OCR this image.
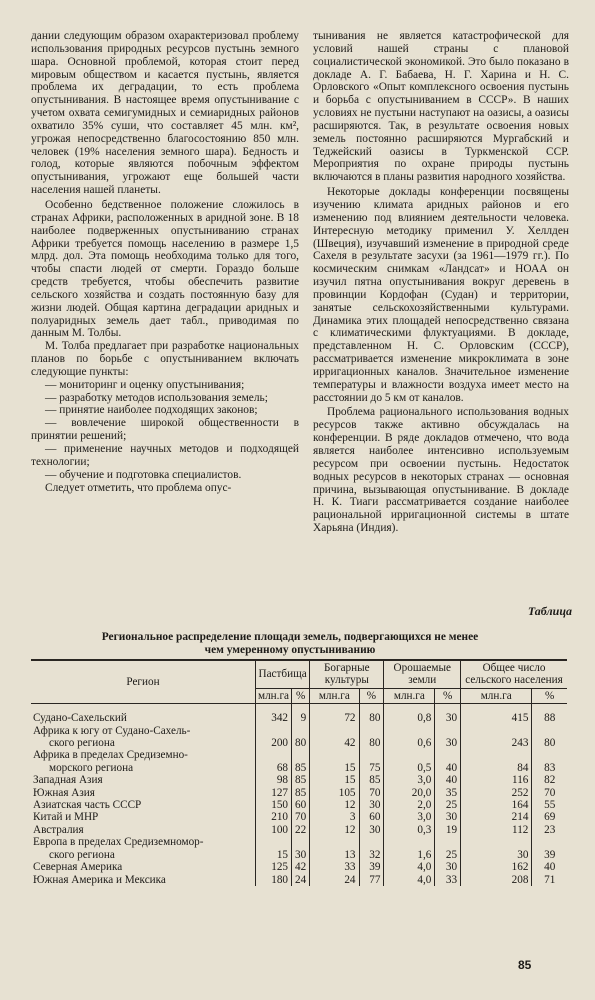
дании следующим образом охарактеризовал проблему использования природных ресурсов пустынь земного шара. Основной проблемой, которая стоит перед мировым обществом и касается пустынь, является проблема их деградации, то есть проблема опустынивания. В настоящее время опустынивание с учетом охвата семигумидных и семиаридных районов охватило 35% суши, что составляет 45 млн. км², угрожая непосредственно благосостоянию 850 млн. человек (19% населения земного шара). Бедность и голод, которые являются побочным эффектом опустынивания, угрожают еще большей части населения нашей планеты.

Особенно бедственное положение сложилось в странах Африки, расположенных в аридной зоне. В 18 наиболее подверженных опустыниванию странах Африки требуется помощь населению в размере 1,5 млрд. дол. Эта помощь необходима только для того, чтобы спасти людей от смерти. Гораздо больше средств требуется, чтобы обеспечить развитие сельского хозяйства и создать постоянную базу для жизни людей. Общая картина деградации аридных и полуаридных земель дает табл., приводимая по данным М. Толбы.

М. Толба предлагает при разработке национальных планов по борьбе с опустыниванием включать следующие пункты:

— мониторинг и оценку опустынивания;

— разработку методов использования земель;

— принятие наиболее подходящих законов;

— вовлечение широкой общественности в принятии решений;

— применение научных методов и подходящей технологии;

— обучение и подготовка специалистов.

Следует отметить, что проблема опус-

тынивания не является катастрофической для условий нашей страны с плановой социалистической экономикой. Это было показано в докладе А. Г. Бабаева, Н. Г. Харина и Н. С. Орловского «Опыт комплексного освоения пустынь и борьба с опустыниванием в СССР». В наших условиях не пустыни наступают на оазисы, а оазисы расширяются. Так, в результате освоения новых земель постоянно расширяются Мургабский и Теджейский оазисы в Туркменской ССР. Мероприятия по охране природы пустынь включаются в планы развития народного хозяйства.

Некоторые доклады конференции посвящены изучению климата аридных районов и его изменению под влиянием деятельности человека. Интересную методику применил У. Хеллден (Швеция), изучавший изменение в природной среде Сахеля в результате засухи (за 1961—1979 гг.). По космическим снимкам «Ландсат» и НОАА он изучил пятна опустынивания вокруг деревень в провинции Кордофан (Судан) и территории, занятые сельскохозяйственными культурами. Динамика этих площадей непосредственно связана с климатическими флуктуациями. В докладе, представленном Н. С. Орловским (СССР), рассматривается изменение микроклимата в зоне ирригационных каналов. Значительное изменение температуры и влажности воздуха имеет место на расстоянии до 5 км от каналов.

Проблема рационального использования водных ресурсов также активно обсуждалась на конференции. В ряде докладов отмечено, что вода является наиболее интенсивно используемым ресурсом при освоении пустынь. Недостаток водных ресурсов в некоторых странах — основная причина, вызывающая опустынивание. В докладе Н. К. Тиаги рассматривается создание наиболее рациональной ирригационной системы в штате Харьяна (Индия).

Таблица
Региональное распределение площади земель, подвергающихся не менее чем умеренному опустыниванию
Регион	Пастбища		Богарные культуры		Орошаемые земли		Общее число сельского населения	
	млн.га	%	млн.га	%	млн.га	%	млн.га	%

Судано-Сахельский	342	9	72	80	0,8	30	415	88

Африка к югу от Судано-Сахель-
ского региона	200	80	42	80	0,6	30	243	80

Африка в пределах Средиземно-
морского региона	68	85	15	75	0,5	40	84	83

Западная Азия	98	85	15	85	3,0	40	116	82

Южная Азия	127	85	105	70	20,0	35	252	70

Азиатская часть СССР	150	60	12	30	2,0	25	164	55

Китай и МНР	210	70	3	60	3,0	30	214	69

Австралия	100	22	12	30	0,3	19	112	23

Европа в пределах Средиземномор-
ского региона	15	30	13	32	1,6	25	30	39

Северная Америка	125	42	33	39	4,0	30	162	40

Южная Америка и Мексика	180	24	24	77	4,0	33	208	71
85
